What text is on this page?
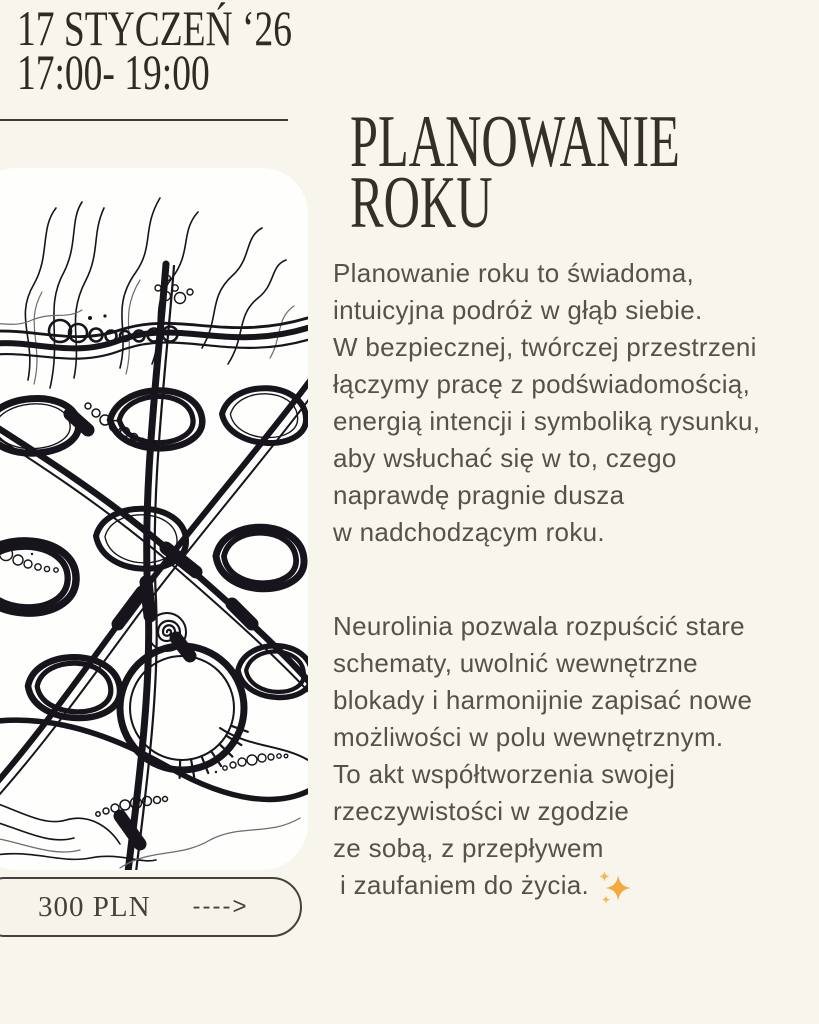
17 STYCZEŃ ‘26
17:00- 19:00
300 PLN ---->
PLANOWANIE
ROKU
Planowanie roku to świadoma,
intuicyjna podróż w głąb siebie.
W bezpiecznej, twórczej przestrzeni
łączymy pracę z podświadomością,
energią intencji i symboliką rysunku,
aby wsłuchać się w to, czego
naprawdę pragnie dusza
w nadchodzącym roku.
Neurolinia pozwala rozpuścić stare
schematy, uwolnić wewnętrzne
blokady i harmonijnie zapisać nowe
możliwości w polu wewnętrznym.
To akt współtworzenia swojej
rzeczywistości w zgodzie
ze sobą, z przepływem
i zaufaniem do życia.
